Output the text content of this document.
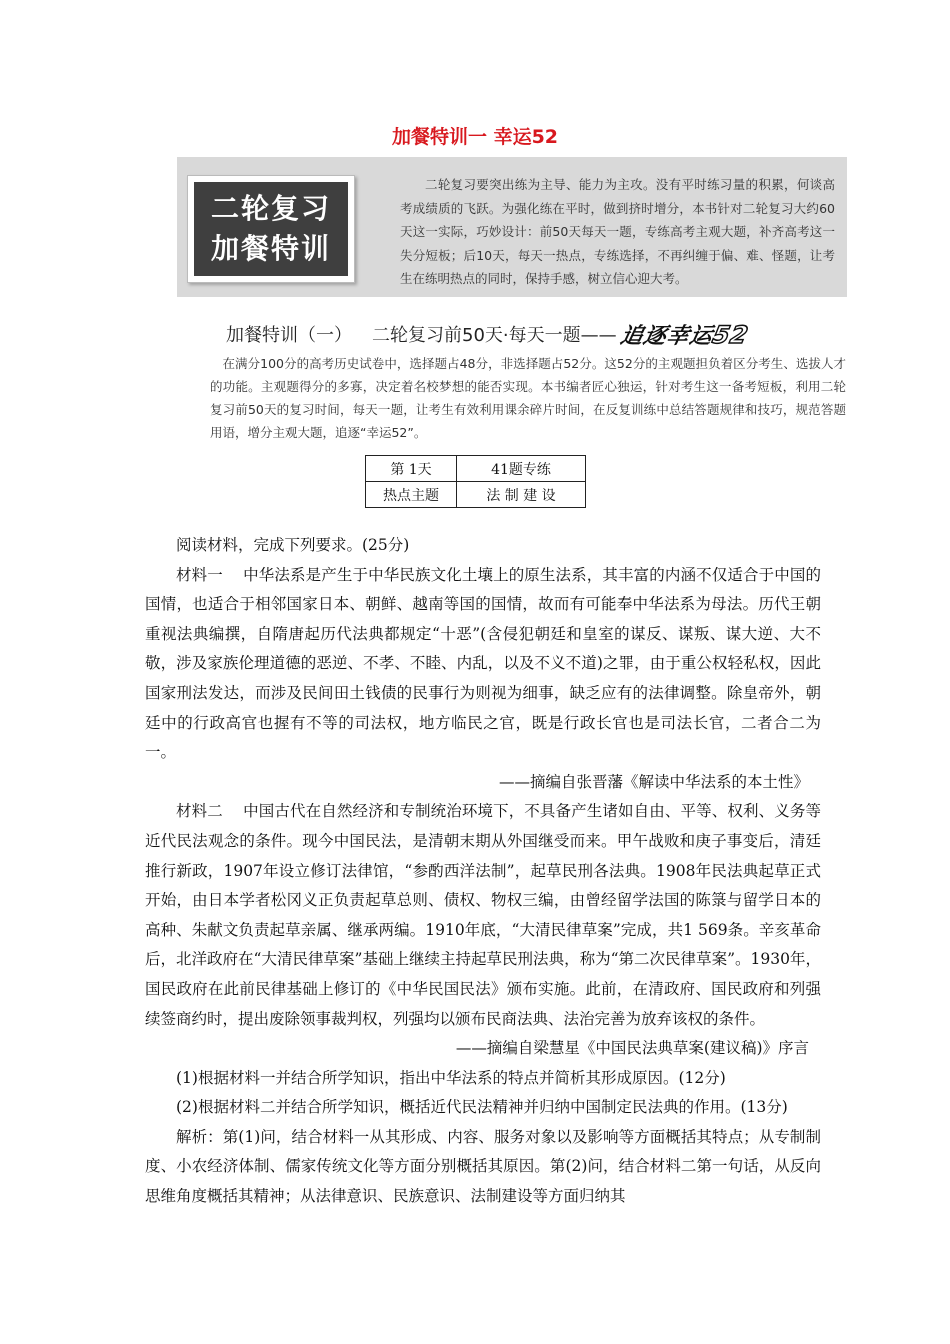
加餐特训一 幸运52
二轮复习
加餐特训
二轮复习要突出练为主导、能力为主攻。没有平时练习量的积累，何谈高考成绩质的飞跃。为强化练在平时，做到挤时增分，本书针对二轮复习大约60天这一实际，巧妙设计：前50天每天一题，专练高考主观大题，补齐高考这一失分短板；后10天，每天一热点，专练选择，不再纠缠于偏、难、怪题，让考生在练明热点的同时，保持手感，树立信心迎大考。
加餐特训（一） 二轮复习前50天·每天一题—— 追逐幸运52
在满分100分的高考历史试卷中，选择题占48分，非选择题占52分。这52分的主观题担负着区分考生、选拔人才的功能。主观题得分的多寡，决定着名校梦想的能否实现。本书编者匠心独运，针对考生这一备考短板，利用二轮复习前50天的复习时间，每天一题，让考生有效利用课余碎片时间，在反复训练中总结答题规律和技巧，规范答题用语，增分主观大题，追逐“幸运52”。
第 1天	41题专练
热点主题	法 制 建 设

阅读材料，完成下列要求。(25分)

材料一 中华法系是产生于中华民族文化土壤上的原生法系，其丰富的内涵不仅适合于中国的国情，也适合于相邻国家日本、朝鲜、越南等国的国情，故而有可能奉中华法系为母法。历代王朝重视法典编撰，自隋唐起历代法典都规定“十恶”(含侵犯朝廷和皇室的谋反、谋叛、谋大逆、大不敬，涉及家族伦理道德的恶逆、不孝、不睦、内乱，以及不义不道)之罪，由于重公权轻私权，因此国家刑法发达，而涉及民间田土钱债的民事行为则视为细事，缺乏应有的法律调整。除皇帝外，朝廷中的行政高官也握有不等的司法权，地方临民之官，既是行政长官也是司法长官，二者合二为一。

——摘编自张晋藩《解读中华法系的本土性》

材料二 中国古代在自然经济和专制统治环境下，不具备产生诸如自由、平等、权利、义务等近代民法观念的条件。现今中国民法，是清朝末期从外国继受而来。甲午战败和庚子事变后，清廷推行新政，1907年设立修订法律馆，“参酌西洋法制”，起草民刑各法典。1908年民法典起草正式开始，由日本学者松冈义正负责起草总则、债权、物权三编，由曾经留学法国的陈箓与留学日本的高种、朱献文负责起草亲属、继承两编。1910年底，“大清民律草案”完成，共1 569条。辛亥革命后，北洋政府在“大清民律草案”基础上继续主持起草民刑法典，称为“第二次民律草案”。1930年，国民政府在此前民律基础上修订的《中华民国民法》颁布实施。此前，在清政府、国民政府和列强续签商约时，提出废除领事裁判权，列强均以颁布民商法典、法治完善为放弃该权的条件。

——摘编自梁慧星《中国民法典草案(建议稿)》序言

(1)根据材料一并结合所学知识，指出中华法系的特点并简析其形成原因。(12分)

(2)根据材料二并结合所学知识，概括近代民法精神并归纳中国制定民法典的作用。(13分)

解析：第(1)问，结合材料一从其形成、内容、服务对象以及影响等方面概括其特点；从专制制度、小农经济体制、儒家传统文化等方面分别概括其原因。第(2)问，结合材料二第一句话，从反向思维角度概括其精神；从法律意识、民族意识、法制建设等方面归纳其
